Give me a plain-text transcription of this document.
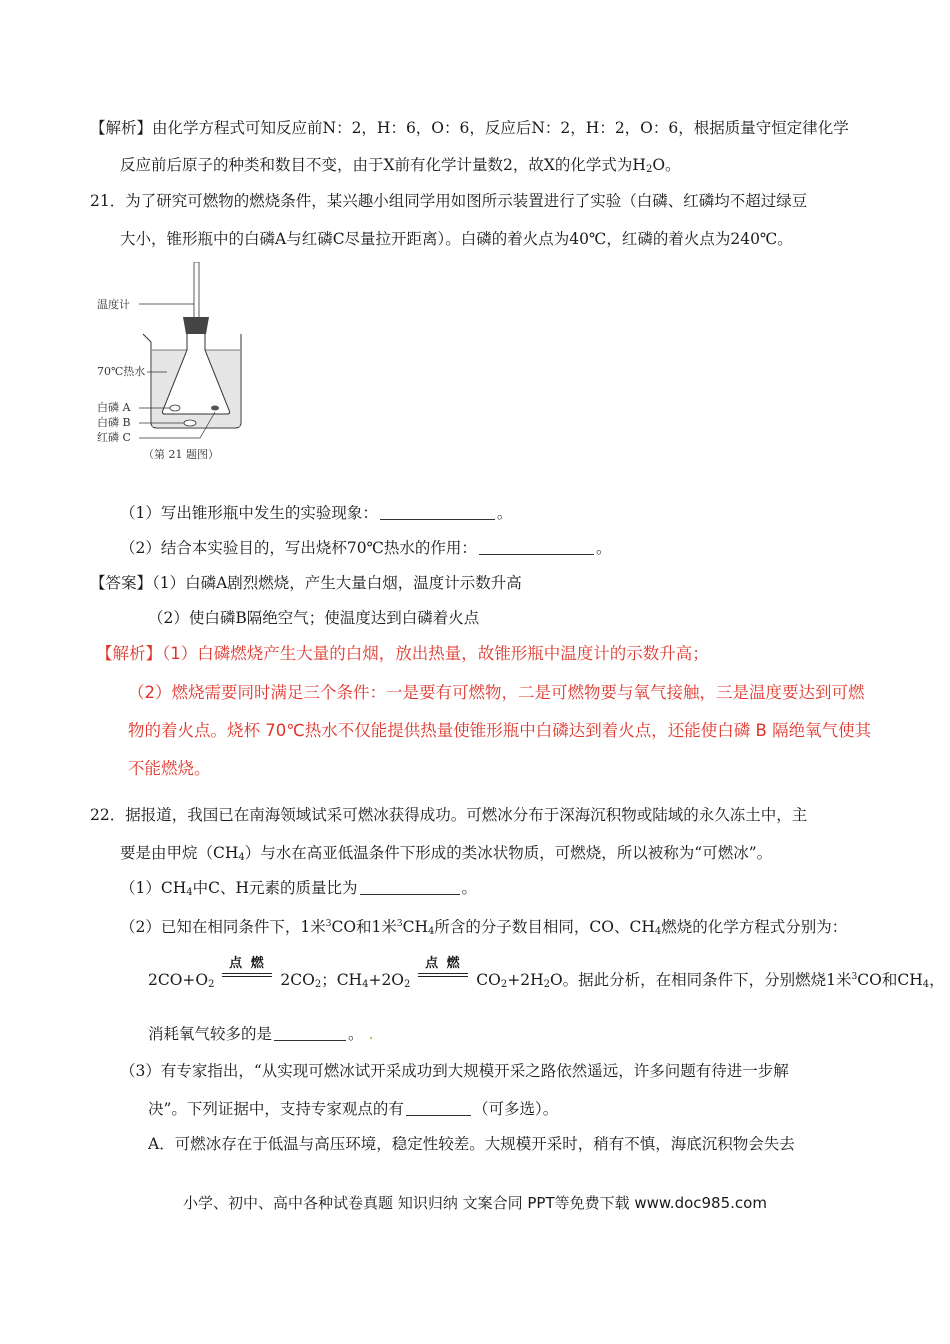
【解析】由化学方程式可知反应前N：2，H：6，O：6，反应后N：2，H：2，O：6，根据质量守恒定律化学
反应前后原子的种类和数目不变，由于X前有化学计量数2，故X的化学式为$H_2O$。
21．为了研究可燃物的燃烧条件，某兴趣小组同学用如图所示装置进行了实验（白磷、红磷均不超过绿豆
大小，锥形瓶中的白磷A与红磷C尽量拉开距离）。白磷的着火点为40℃，红磷的着火点为240℃。
温度计
70℃热水
白磷 A
白磷 B
红磷 C
（第 21 题图）
（1）写出锥形瓶中发生的实验现象：	。
（2）结合本实验目的，写出烧杯70℃热水的作用：	。
【答案】（1）白磷A剧烈燃烧，产生大量白烟，温度计示数升高
（2）使白磷B隔绝空气；使温度达到白磷着火点
【解析】（1）白磷燃烧产生大量的白烟，放出热量，故锥形瓶中温度计的示数升高；
（2）燃烧需要同时满足三个条件：一是要有可燃物，二是可燃物要与氧气接触，三是温度要达到可燃
物的着火点。烧杯 70℃热水不仅能提供热量使锥形瓶中白磷达到着火点，还能使白磷 B 隔绝氧气使其
不能燃烧。
22．据报道，我国已在南海领域试采可燃冰获得成功。可燃冰分布于深海沉积物或陆域的永久冻土中，主
要是由甲烷$(CH_4)$与水在高亚低温条件下形成的类冰状物质，可燃烧，所以被称为“可燃冰”。
$(1)CH_4$中C、H元素的质量比为	。
（2）已知在相同条件下，1米$^3$CO和1米$^3CH_4$所含的分子数目相同，CO、$CH_4$燃烧的化学方程式分别为：
$2CO+O_2$
点 燃
$2CO_2$；$CH_4+2O_2$
点 燃
$CO_2+2H_2O$。据此分析，在相同条件下，分别燃烧1米$^3$CO和$CH_4$，
消耗氧气较多的是	。 .
（3）有专家指出，“从实现可燃冰试开采成功到大规模开采之路依然遥远，许多问题有待进一步解
决”。下列证据中，支持专家观点的有	（可多选）。
A．可燃冰存在于低温与高压环境，稳定性较差。大规模开采时，稍有不慎，海底沉积物会失去
小学、初中、高中各种试卷真题 知识归纳 文案合同 PPT等免费下载 www.doc985.com
